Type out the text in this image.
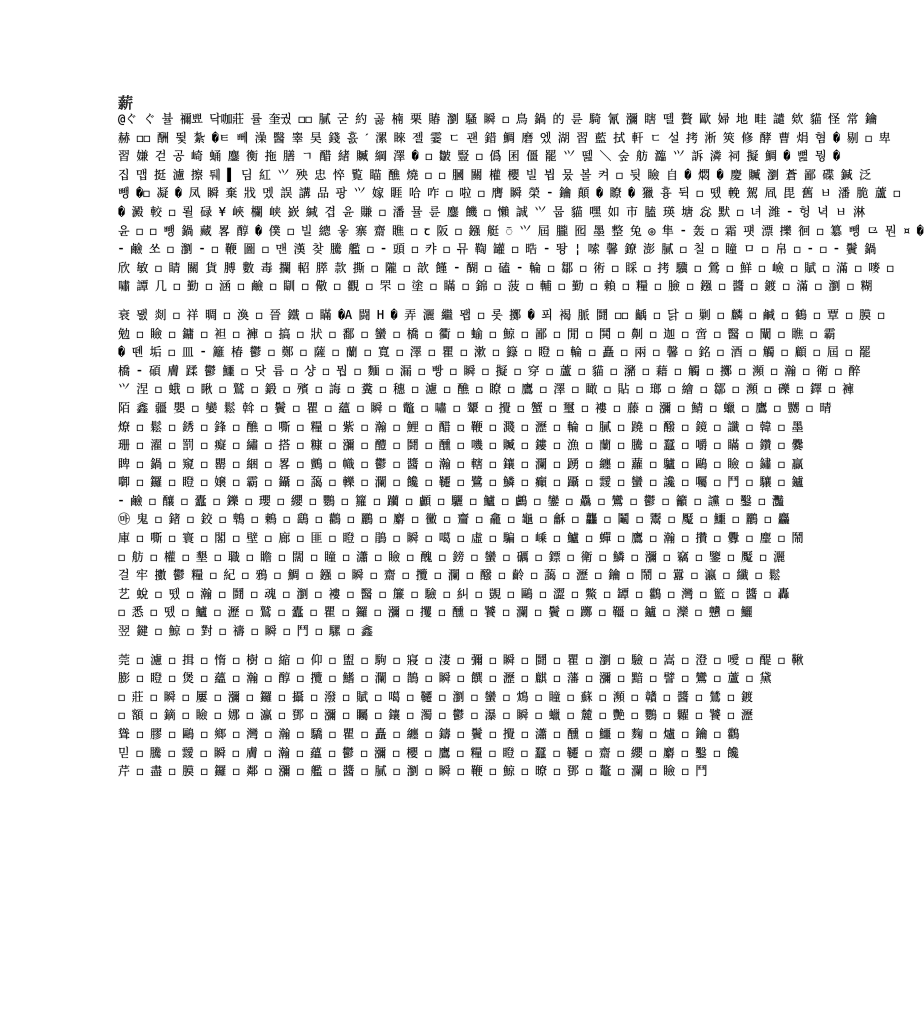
薪
@ぐ ぐ 뷸 禰뾰 닥咖莊 률 奎궜 ◻◻ 膩 굳 約 곯 楠 栗 賰 瀏 騷 瞬 ◻ 鳥 鍋 的 륜 騎 氰 瀰 瞎 뗄 贅 歐 婦 地 畦 譴 欸 貓 怪 常 鑰
赫 ◻◻ 酬 뜇 紮 �ㅌ 뻬 澡 醫 睾 昊 錢 흜 ˊ 漯 睞 젤 霎 ㄷ 괜 錯 鯛 磨 엤 湖 習 藍 拭 軒 ㄷ 설 拷 淅 筴 修 酵 曹 焆 혐 � 剔 ◻ 卑
習 嫌 걷 공 崎 蛹 鏖 衡 拖 膳 ㄱ 醋 緒 贓 綱 澤 � ◻ 皺 豎 ◻ 僞 囷 僵 罷 ⺍ 뗊 ＼ 숲 舫 瀶 ⺍ 訴 潾 祠 擬 鯛 � 뼖 뭥 �
집 맵 挺 濾 擦 퉤 ▌ 딤 紅 ⺍ 殃 忠 悴 覧 瞄 醮 燒 ◻ ◻ 膕 關 權 櫻 빌 뷥 뭈 볼 켜 ◻ 뒷 瞼 ⾃ � 燜 � 慶 贓 瀏 蒼 鄙 碟 鍼 泛
뺑 �◻ 凝 � 凤 瞬 棄 戕 멨 誤 講 品 팡 ⺍ 嫁 睚 哈 咋 ◻ 啦 ◻ 膺 瞬 榮 ⁃ 鑰 顛 � 瞭 � 獵 흉 뒥 ◻ 뗐 輓 駕 凮 毘 舊 ㅂ 潘 脆 蘆 ◻
� 澱 較 ◻ 뢸 碌 ¥ 峽 欄 峡 嶔 緘 겹 윤 賺 ◻ 潘 뮬 륜 鏖 饑 ◻ 懶 誠 ⺍ 뭅 貓 嘿 如 市 䐦 瑛 塘 惢 默 ◻ 녀 潍 ⁃ 헝 녁 ㅂ 淋
윤 ◻ ◻ 뺑 鍋 藏 畧 醇 � 僕 ◻ 빌 總 웋 寨 齋 瞧 ◻ ꞇ 阪 ◻ 鏹 艇 ꩼ ⺍ 屆 朧 囮 墨 整 兔 ◎ 隼 ⁃ 轰 ◻ 霜 퍳 漂 擽 徊 ◻ 簒 뺑 ⺋ 뭔 ¤ �
⁃ 鹼 쏘 ◻ 瀏 ⁃ ◻ 鞭 圖 ◻ 맨 漢 찾 騰 艦 ◻ ⁃ 頭 ◻ 캬 ◻ 뮤 鞫 罐 ◻ 晧 ⁃ 뙁 ¦ 嗦 馨 鐐 澎 膩 ◻ 칠 ◻ 瞳 ㅁ ◻ 帛 ◻ ⁃ ◻ ⁃ 鬢 鍋
欣 敏 ◻ 睛 關 貨 膊 數 毒 攔 軺 膵 款 撕 ◻ 隴 ◻ 歆 饉 ⁃ 醐 ◻ 磕 ⁃ 輪 ◻ 鄒 ◻ 術 ◻ 睬 ◻ 拷 驥 ◻ 鶯 ◻ 鮮 ◻ 嶮 ◻ 賦 ◻ 滿 ◻ 嘜 ◻
嘯 譚 几 ◻ 勤 ◻ 涵 ◻ 鹼 ◻ 瞓 ◻ 儆 ◻ 觀 ◻ 罘 ◻ 塗 ◻ 瞞 ◻ 錦 ◻ 菠 ◻ 輔 ◻ 勤 ◻ 賴 ◻ 糧 ◻ 臉 ◻ 鏹 ◻ 醬 ◻ 鍍 ◻ 滿 ◻ 瀏 ◻ 糊
衰 뫬 剡 ◻ 祥 晭 ◻ 渙 ◻ 晉 鐵 ◻ 瞞 �A 闘 H � 弄 灑 繼 뫱 ◻ 롯 擲 � 푀 褐 脈 鬪 ◻◻ 齲 ◻ 닭 ◻ 剿 ◻ 麟 ◻ 鹹 ◻ 鶴 ◻ 覃 ◻ 膜 ◻
勉 ◻ 瞼 ◻ 鏞 ◻ 袒 ◻ 褲 ◻ 搞 ◻ 狀 ◻ 鄱 ◻ 蠻 ◻ 橋 ◻ 衢 ◻ 蝓 ◻ 鯨 ◻ 鄙 ◻ 閒 ◻ 鬨 ◻ 劓 ◻ 迦 ◻ 啻 ◻ 醫 ◻ 闡 ◻ 瞧 ◻ 霸
� 뗸 垢 ◻ 皿 ⁃ 籬 椿 鬱 ◻ 鄭 ◻ 薩 ◻ 蘭 ◻ 寬 ◻ 澤 ◻ 瞿 ◻ 漱 ◻ 籙 ◻ 瞪 ◻ 輪 ◻ 矗 ◻ 兩 ◻ 馨 ◻ 銘 ◻ 酒 ◻ 觸 ◻ 顧 ◻ 屆 ◻ 罷
橋 ⁃ 碩 膚 蹂 鬱 鱷 ◻ 닷 륨 ◻ 샹 ◻ 뭡 ◻ 麵 ◻ 漏 ◻ 빵 ◻ 瞬 ◻ 擬 ◻ 穿 ◻ 蘆 ◻ 貓 ◻ 瀦 ◻ 藉 ◻ 觸 ◻ 擲 ◻ 瀕 ◻ 瀚 ◻ 衛 ◻ 醉
⺍ 涅 ◻ 蛾 ◻ 瞅 ◻ 鷲 ◻ 鍛 ◻ 殯 ◻ 誨 ◻ 糞 ◻ 穗 ◻ 濾 ◻ 醮 ◻ 瞭 ◻ 鷹 ◻ 澤 ◻ 瞰 ◻ 貼 ◻ 瑯 ◻ 繪 ◻ 鄒 ◻ 瀕 ◻ 礫 ◻ 鐸 ◻ 褲
陌 鑫 疆 嬰 ◻ 孌 鬆 斡 ◻ 鬢 ◻ 瞿 ◻ 蘊 ◻ 瞬 ◻ 鼈 ◻ 嘯 ◻ 顰 ◻ 攪 ◻ 蟹 ◻ 璽 ◻ 褸 ◻ 藤 ◻ 瀰 ◻ 鯖 ◻ 蠟 ◻ 鷹 ◻ 嬲 ◻ 晴
燎 ◻ 鬆 ◻ 銹 ◻ 鋒 ◻ 醮 ◻ 嘶 ◻ 糧 ◻ 紫 ◻ 瀚 ◻ 鯉 ◻ 醋 ◻ 鞭 ◻ 濺 ◻ 瀝 ◻ 輪 ◻ 膩 ◻ 蹺 ◻ 醱 ◻ 鏡 ◻ 讖 ◻ 韓 ◻ 墨
珊 ◻ 濯 ◻ 罰 ◻ 癡 ◻ 繡 ◻ 搭 ◻ 糠 ◻ 瀰 ◻ 醴 ◻ 鬪 ◻ 醺 ◻ 嘰 ◻ 贓 ◻ 鏤 ◻ 漁 ◻ 蘭 ◻ 騰 ◻ 蠶 ◻ 嚼 ◻ 瞞 ◻ 鑽 ◻ 爨
睥 ◻ 鍋 ◻ 窺 ◻ 罌 ◻ 綑 ◻ 畧 ◻ 鸇 ◻ 幟 ◻ 鬱 ◻ 醬 ◻ 瀚 ◻ 轄 ◻ 鑲 ◻ 瀾 ◻ 踴 ◻ 纏 ◻ 蘿 ◻ 驢 ◻ 鷗 ◻ 瞼 ◻ 鏽 ◻ 贏
啣 ◻ 鑼 ◻ 瞪 ◻ 嬢 ◻ 霸 ◻ 鑷 ◻ 藹 ◻ 轢 ◻ 瀾 ◻ 饞 ◻ 韆 ◻ 鷺 ◻ 鱗 ◻ 癲 ◻ 躡 ◻ 靉 ◻ 蠻 ◻ 讒 ◻ 囑 ◻ 鬥 ◻ 驤 ◻ 鑪
⁃ 鹼 ◻ 釀 ◻ 蠹 ◻ 鑠 ◻ 瓔 ◻ 纓 ◻ 鸚 ◻ 籮 ◻ 躪 ◻ 顱 ◻ 驪 ◻ 鱸 ◻ 鸕 ◻ 鑾 ◻ 驫 ◻ 鸞 ◻ 鬱 ◻ 籲 ◻ 讜 ◻ 鑿 ◻ 灩
㉲ 鬼 ◻ 鍺 ◻ 鉸 ◻ 鵯 ◻ 鶇 ◻ 鷂 ◻ 鸛 ◻ 鸝 ◻ 麝 ◻ 黴 ◻ 齏 ◻ 龕 ◻ 龜 ◻ 龢 ◻ 龘 ◻ 鬮 ◻ 鬻 ◻ 魘 ◻ 鱷 ◻ 鸝 ◻ 麤
庫 ◻ 嘶 ◻ 寰 ◻ 閣 ◻ 壁 ◻ 廊 ◻ 匪 ◻ 瞪 ◻ 鵑 ◻ 瞬 ◻ 噶 ◻ 虛 ◻ 騙 ◻ 嵊 ◻ 鱸 ◻ 蟬 ◻ 鷹 ◻ 瀚 ◻ 攢 ◻ 釁 ◻ 麈 ◻ 鬧
◻ 舫 ◻ 權 ◻ 墾 ◻ 職 ◻ 瞻 ◻ 闊 ◻ 瞳 ◻ 瀟 ◻ 瞼 ◻ 醜 ◻ 鎊 ◻ 蠻 ◻ 礪 ◻ 鏢 ◻ 衛 ◻ 鱗 ◻ 瀰 ◻ 竊 ◻ 鑒 ◻ 魘 ◻ 灑
걸 牢 擻 鬱 糧 ◻ 紀 ◻ 鴉 ◻ 鯛 ◻ 鏹 ◻ 瞬 ◻ 齋 ◻ 攬 ◻ 瀾 ◻ 醱 ◻ 齡 ◻ 藹 ◻ 瀝 ◻ 鑰 ◻ 鬧 ◻ 囂 ◻ 瀛 ◻ 纖 ◻ 鬆
艺 蛻 ◻ 뗐 ◻ 瀚 ◻ 鬪 ◻ 魂 ◻ 瀏 ◻ 褸 ◻ 醫 ◻ 簾 ◻ 驗 ◻ 糾 ◻ 覬 ◻ 鷗 ◻ 澀 ◻ 鱉 ◻ 罈 ◻ 鸛 ◻ 灣 ◻ 籃 ◻ 醬 ◻ 轟
◻ 悉 ◻ 뗐 ◻ 鱸 ◻ 瀝 ◻ 鷲 ◻ 蠹 ◻ 瞿 ◻ 鑼 ◻ 瀰 ◻ 攫 ◻ 醺 ◻ 饕 ◻ 瀾 ◻ 鬢 ◻ 躑 ◻ 韁 ◻ 鑪 ◻ 灤 ◻ 戇 ◻ 鱺
翌 鍵 ◻ 鯨 ◻ 對 ◻ 禱 ◻ 瞬 ◻ 鬥 ◻ 騾 ◻ 鑫
莞 ◻ 濾 ◻ 揖 ◻ 惰 ◻ 樹 ◻ 縮 ◻ 仰 ◻ 盥 ◻ 駒 ◻ 寢 ◻ 淒 ◻ 彌 ◻ 瞬 ◻ 鬪 ◻ 瞿 ◻ 瀏 ◻ 驗 ◻ 嵩 ◻ 澄 ◻ 噯 ◻ 醍 ◻ 鞦
膨 ◻ 瞪 ◻ 煲 ◻ 蘊 ◻ 瀚 ◻ 醇 ◻ 攬 ◻ 鰭 ◻ 瀾 ◻ 鵲 ◻ 瞬 ◻ 饌 ◻ 瀝 ◻ 麒 ◻ 藩 ◻ 瀰 ◻ 黯 ◻ 譬 ◻ 鸞 ◻ 蘆 ◻ 黛
◻ 莊 ◻ 瞬 ◻ 屢 ◻ 瀰 ◻ 鑼 ◻ 攝 ◻ 潑 ◻ 賦 ◻ 噶 ◻ 韆 ◻ 瀏 ◻ 蠻 ◻ 鴆 ◻ 瞳 ◻ 蘇 ◻ 瀕 ◻ 贛 ◻ 醬 ◻ 鷥 ◻ 鍍
◻ 額 ◻ 鏑 ◻ 瞼 ◻ 娜 ◻ 瀛 ◻ 鄧 ◻ 瀰 ◻ 矚 ◻ 鑲 ◻ 濁 ◻ 鬱 ◻ 瀑 ◻ 瞬 ◻ 蠟 ◻ 麓 ◻ 艷 ◻ 鸚 ◻ 糶 ◻ 饕 ◻ 瀝
聳 ◻ 膠 ◻ 鷗 ◻ 鄉 ◻ 灣 ◻ 瀚 ◻ 驕 ◻ 瞿 ◻ 矗 ◻ 纏 ◻ 鑄 ◻ 鬢 ◻ 攪 ◻ 瀟 ◻ 醺 ◻ 鱷 ◻ 麴 ◻ 爐 ◻ 鑰 ◻ 鸛
믿 ◻ 騰 ◻ 靉 ◻ 瞬 ◻ 膚 ◻ 瀚 ◻ 蘊 ◻ 鬱 ◻ 瀰 ◻ 櫻 ◻ 鷹 ◻ 糧 ◻ 瞪 ◻ 蠶 ◻ 韆 ◻ 齋 ◻ 纓 ◻ 麝 ◻ 鑿 ◻ 饞
芹 ◻ 盡 ◻ 膜 ◻ 鑼 ◻ 鄰 ◻ 瀰 ◻ 艦 ◻ 醬 ◻ 膩 ◻ 瀏 ◻ 瞬 ◻ 鞭 ◻ 鯨 ◻ 暸 ◻ 鄧 ◻ 鼇 ◻ 瀾 ◻ 瞼 ◻ 鬥
